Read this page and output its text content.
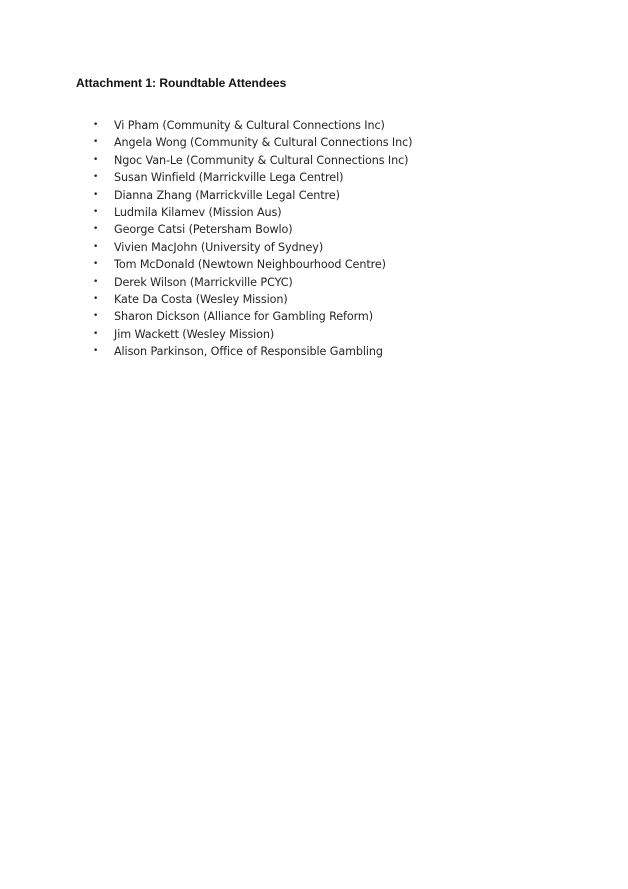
Attachment 1: Roundtable Attendees
• Vi Pham (Community & Cultural Connections Inc)
• Angela Wong (Community & Cultural Connections Inc)
• Ngoc Van-Le (Community & Cultural Connections Inc)
• Susan Winfield (Marrickville Lega Centrel)
• Dianna Zhang (Marrickville Legal Centre)
• Ludmila Kilamev (Mission Aus)
• George Catsi (Petersham Bowlo)
• Vivien MacJohn (University of Sydney)
• Tom McDonald (Newtown Neighbourhood Centre)
• Derek Wilson (Marrickville PCYC)
• Kate Da Costa (Wesley Mission)
• Sharon Dickson (Alliance for Gambling Reform)
• Jim Wackett (Wesley Mission)
• Alison Parkinson, Office of Responsible Gambling
